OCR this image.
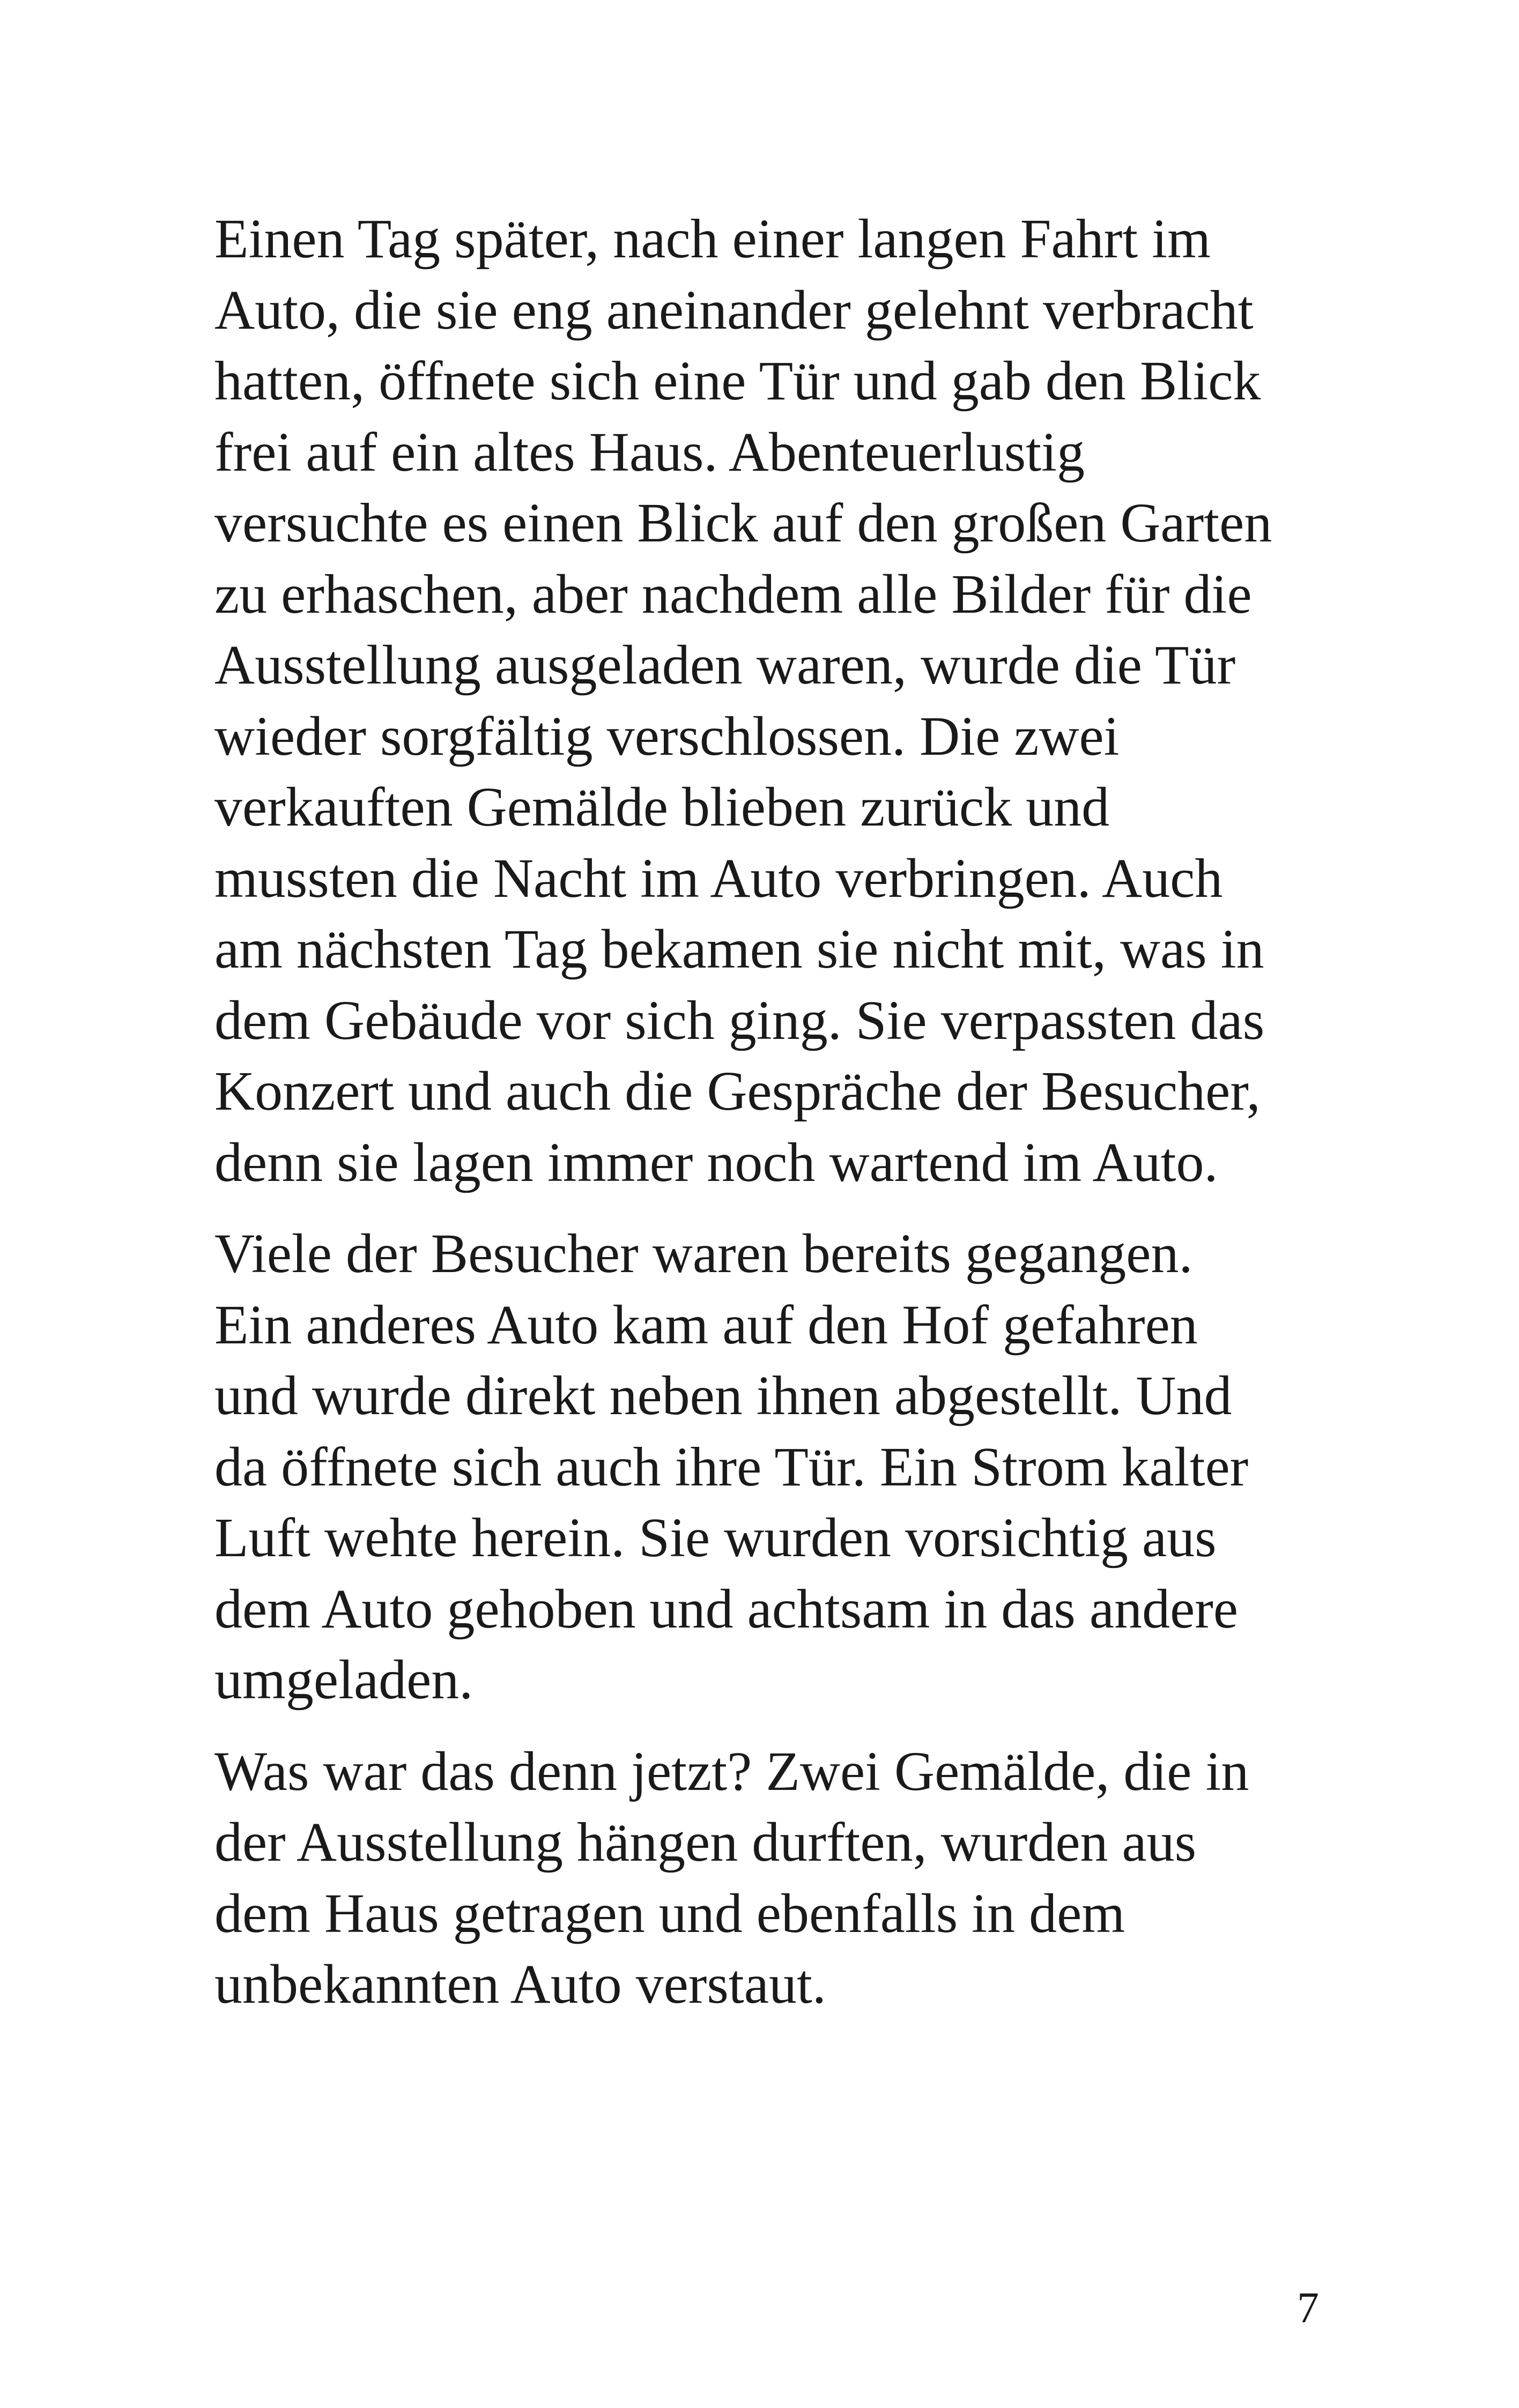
Einen Tag später, nach einer langen Fahrt im
Auto, die sie eng aneinander gelehnt verbracht
hatten, öffnete sich eine Tür und gab den Blick
frei auf ein altes Haus. Abenteuerlustig
versuchte es einen Blick auf den großen Garten
zu erhaschen, aber nachdem alle Bilder für die
Ausstellung ausgeladen waren, wurde die Tür
wieder sorgfältig verschlossen. Die zwei
verkauften Gemälde blieben zurück und
mussten die Nacht im Auto verbringen. Auch
am nächsten Tag bekamen sie nicht mit, was in
dem Gebäude vor sich ging. Sie verpassten das
Konzert und auch die Gespräche der Besucher,
denn sie lagen immer noch wartend im Auto.

Viele der Besucher waren bereits gegangen.
Ein anderes Auto kam auf den Hof gefahren
und wurde direkt neben ihnen abgestellt. Und
da öffnete sich auch ihre Tür. Ein Strom kalter
Luft wehte herein. Sie wurden vorsichtig aus
dem Auto gehoben und achtsam in das andere
umgeladen.

Was war das denn jetzt? Zwei Gemälde, die in
der Ausstellung hängen durften, wurden aus
dem Haus getragen und ebenfalls in dem
unbekannten Auto verstaut.

7
